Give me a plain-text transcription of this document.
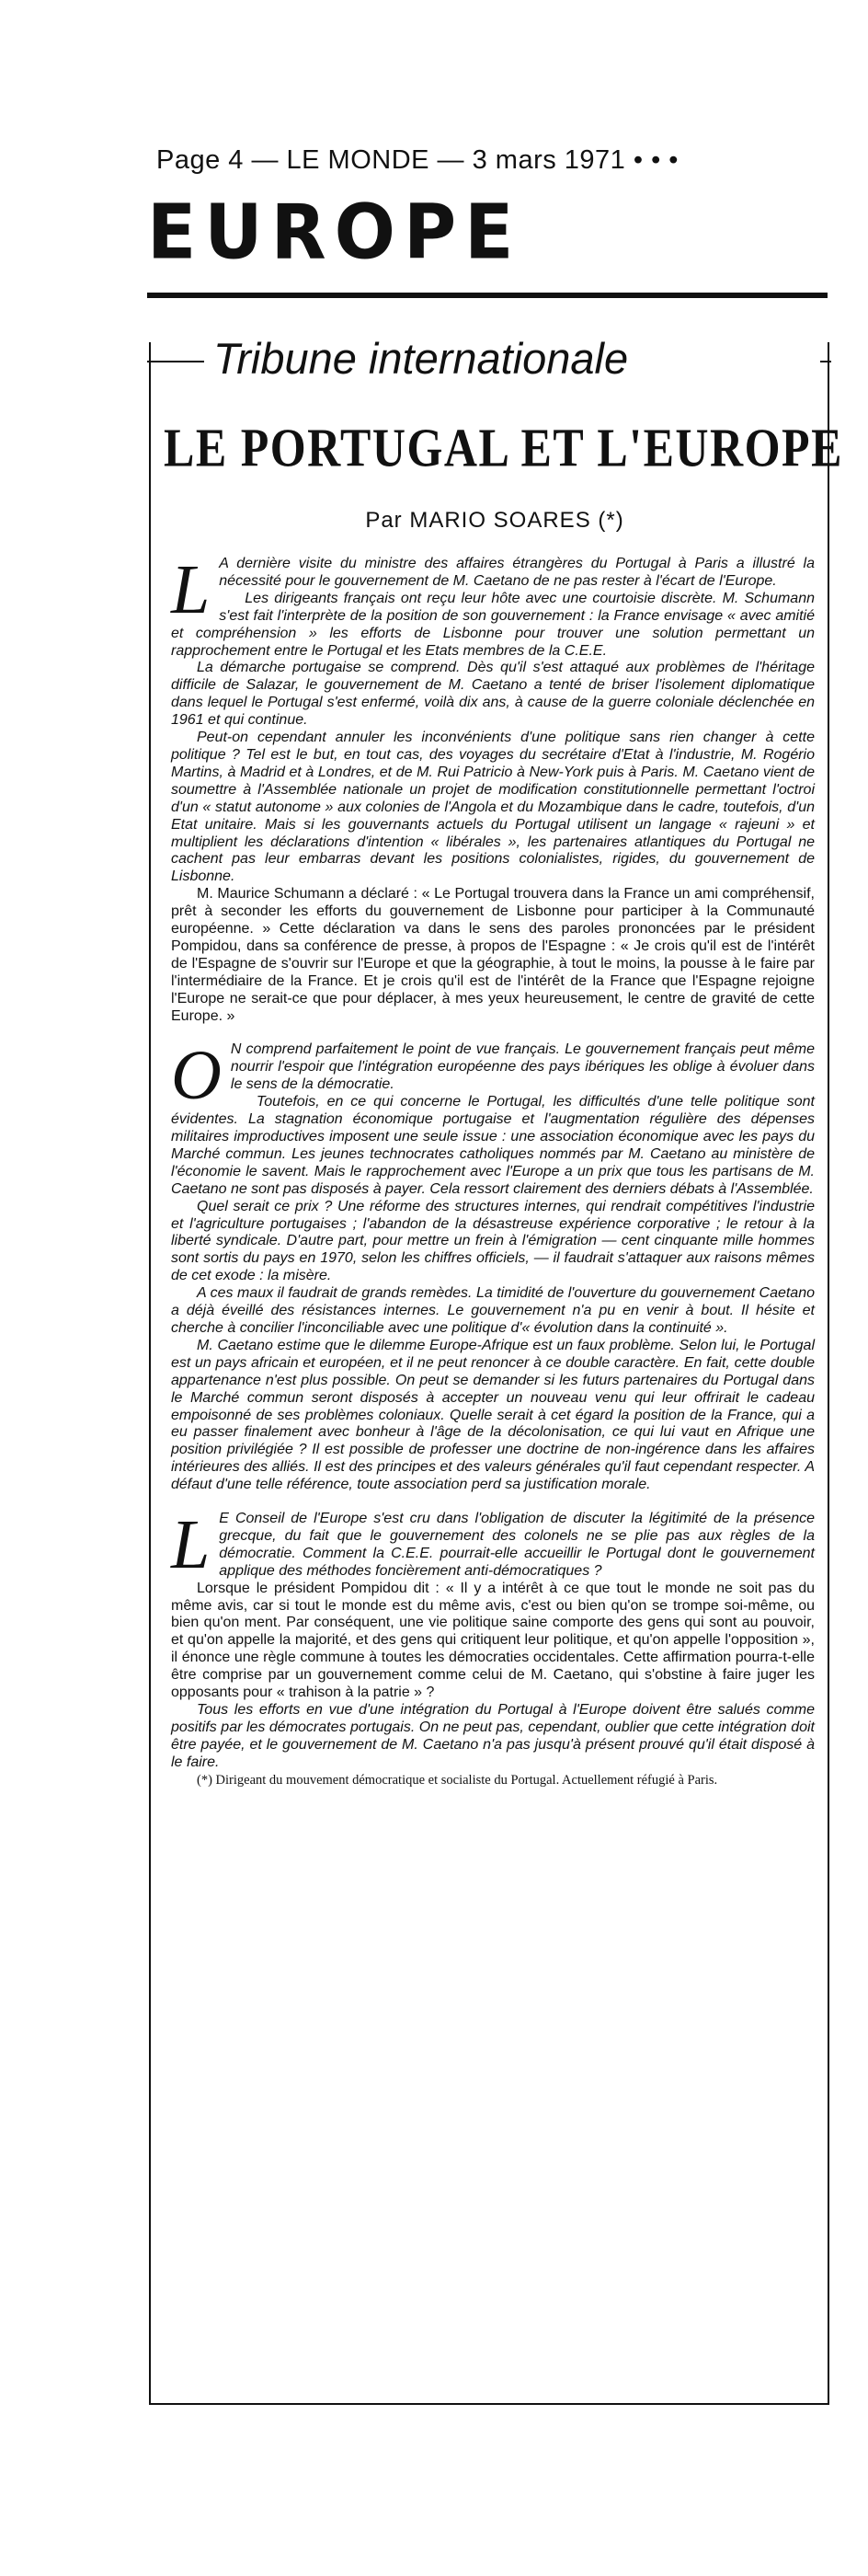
Page 4 — LE MONDE — 3 mars 1971 • • •
EUROPE
Tribune internationale
LE PORTUGAL ET L'EUROPE
Par MARIO SOARES (*)

L A dernière visite du ministre des affaires étrangères du Portugal à Paris a illustré la nécessité pour le gouvernement de M. Caetano de ne pas rester à l'écart de l'Europe.

Les dirigeants français ont reçu leur hôte avec une courtoisie discrète. M. Schumann s'est fait l'interprète de la position de son gouvernement : la France envisage « avec amitié et compréhension » les efforts de Lisbonne pour trouver une solution permettant un rapprochement entre le Portugal et les Etats membres de la C.E.E.

La démarche portugaise se comprend. Dès qu'il s'est attaqué aux problèmes de l'héritage difficile de Salazar, le gouvernement de M. Caetano a tenté de briser l'isolement diplomatique dans lequel le Portugal s'est enfermé, voilà dix ans, à cause de la guerre coloniale déclenchée en 1961 et qui continue.

Peut-on cependant annuler les inconvénients d'une politique sans rien changer à cette politique ? Tel est le but, en tout cas, des voyages du secrétaire d'Etat à l'industrie, M. Rogério Martins, à Madrid et à Londres, et de M. Rui Patricio à New-York puis à Paris. M. Caetano vient de soumettre à l'Assemblée nationale un projet de modification constitutionnelle permettant l'octroi d'un « statut autonome » aux colonies de l'Angola et du Mozambique dans le cadre, toutefois, d'un Etat unitaire. Mais si les gouvernants actuels du Portugal utilisent un langage « rajeuni » et multiplient les déclarations d'intention « libérales », les partenaires atlantiques du Portugal ne cachent pas leur embarras devant les positions colonialistes, rigides, du gouvernement de Lisbonne.

M. Maurice Schumann a déclaré : « Le Portugal trouvera dans la France un ami compréhensif, prêt à seconder les efforts du gouvernement de Lisbonne pour participer à la Communauté européenne. » Cette déclaration va dans le sens des paroles prononcées par le président Pompidou, dans sa conférence de presse, à propos de l'Espagne : « Je crois qu'il est de l'intérêt de l'Espagne de s'ouvrir sur l'Europe et que la géographie, à tout le moins, la pousse à le faire par l'intermédiaire de la France. Et je crois qu'il est de l'intérêt de la France que l'Espagne rejoigne l'Europe ne serait-ce que pour déplacer, à mes yeux heureusement, le centre de gravité de cette Europe. »

O N comprend parfaitement le point de vue français. Le gouvernement français peut même nourrir l'espoir que l'intégration européenne des pays ibériques les oblige à évoluer dans le sens de la démocratie.

Toutefois, en ce qui concerne le Portugal, les difficultés d'une telle politique sont évidentes. La stagnation économique portugaise et l'augmentation régulière des dépenses militaires improductives imposent une seule issue : une association économique avec les pays du Marché commun. Les jeunes technocrates catholiques nommés par M. Caetano au ministère de l'économie le savent. Mais le rapprochement avec l'Europe a un prix que tous les partisans de M. Caetano ne sont pas disposés à payer. Cela ressort clairement des derniers débats à l'Assemblée.

Quel serait ce prix ? Une réforme des structures internes, qui rendrait compétitives l'industrie et l'agriculture portugaises ; l'abandon de la désastreuse expérience corporative ; le retour à la liberté syndicale. D'autre part, pour mettre un frein à l'émigration — cent cinquante mille hommes sont sortis du pays en 1970, selon les chiffres officiels, — il faudrait s'attaquer aux raisons mêmes de cet exode : la misère.

A ces maux il faudrait de grands remèdes. La timidité de l'ouverture du gouvernement Caetano a déjà éveillé des résistances internes. Le gouvernement n'a pu en venir à bout. Il hésite et cherche à concilier l'inconciliable avec une politique d'« évolution dans la continuité ».

M. Caetano estime que le dilemme Europe-Afrique est un faux problème. Selon lui, le Portugal est un pays africain et européen, et il ne peut renoncer à ce double caractère. En fait, cette double appartenance n'est plus possible. On peut se demander si les futurs partenaires du Portugal dans le Marché commun seront disposés à accepter un nouveau venu qui leur offrirait le cadeau empoisonné de ses problèmes coloniaux. Quelle serait à cet égard la position de la France, qui a eu passer finalement avec bonheur à l'âge de la décolonisation, ce qui lui vaut en Afrique une position privilégiée ? Il est possible de professer une doctrine de non-ingérence dans les affaires intérieures des alliés. Il est des principes et des valeurs générales qu'il faut cependant respecter. A défaut d'une telle référence, toute association perd sa justification morale.

L E Conseil de l'Europe s'est cru dans l'obligation de discuter la légitimité de la présence grecque, du fait que le gouvernement des colonels ne se plie pas aux règles de la démocratie. Comment la C.E.E. pourrait-elle accueillir le Portugal dont le gouvernement applique des méthodes foncièrement anti-démocratiques ?

Lorsque le président Pompidou dit : « Il y a intérêt à ce que tout le monde ne soit pas du même avis, car si tout le monde est du même avis, c'est ou bien qu'on se trompe soi-même, ou bien qu'on ment. Par conséquent, une vie politique saine comporte des gens qui sont au pouvoir, et qu'on appelle la majorité, et des gens qui critiquent leur politique, et qu'on appelle l'opposition », il énonce une règle commune à toutes les démocraties occidentales. Cette affirmation pourra-t-elle être comprise par un gouvernement comme celui de M. Caetano, qui s'obstine à faire juger les opposants pour « trahison à la patrie » ?

Tous les efforts en vue d'une intégration du Portugal à l'Europe doivent être salués comme positifs par les démocrates portugais. On ne peut pas, cependant, oublier que cette intégration doit être payée, et le gouvernement de M. Caetano n'a pas jusqu'à présent prouvé qu'il était disposé à le faire.

(*) Dirigeant du mouvement démocratique et socialiste du Portugal. Actuellement réfugié à Paris.
